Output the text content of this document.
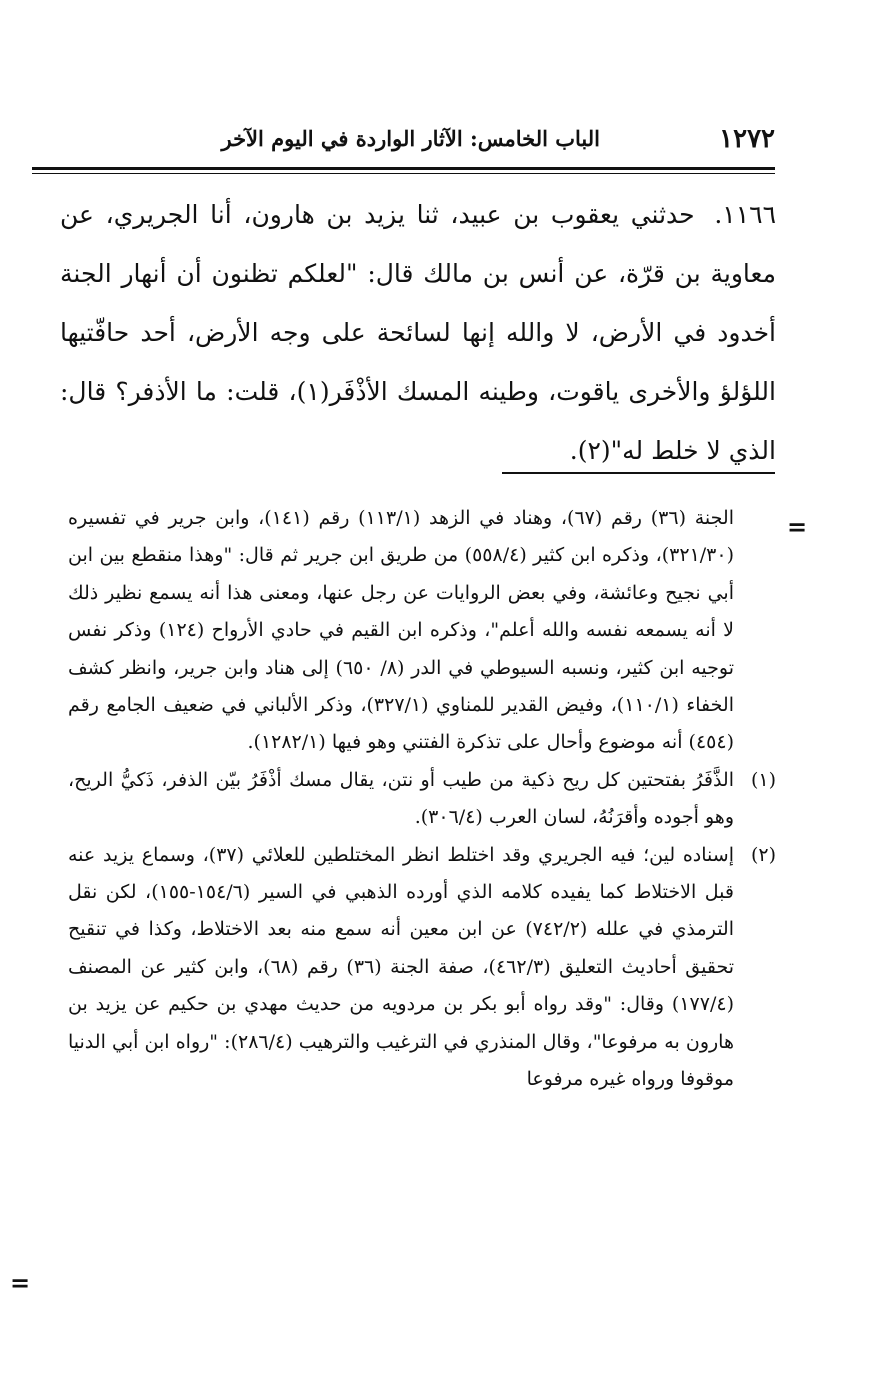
١٢٧٢
الباب الخامس: الآثار الواردة في اليوم الآخر

١١٦٦. حدثني يعقوب بن عبيد، ثنا يزيد بن هارون، أنا الجريري، عن معاوية بن قرّة، عن أنس بن مالك قال: "لعلكم تظنون أن أنهار الجنة أخدود في الأرض، لا والله إنها لسائحة على وجه الأرض، أحد حافّتيها اللؤلؤ والأخرى ياقوت، وطينه المسك الأذْفَر(١)، قلت: ما الأذفر؟ قال: الذي لا خلط له"(٢).

=

الجنة (٣٦) رقم (٦٧)، وهناد في الزهد (١١٣/١) رقم (١٤١)، وابن جرير في تفسيره (٣٢١/٣٠)، وذكره ابن كثير (٥٥٨/٤) من طريق ابن جرير ثم قال: "وهذا منقطع بين ابن أبي نجيح وعائشة، وفي بعض الروايات عن رجل عنها، ومعنى هذا أنه يسمع نظير ذلك لا أنه يسمعه نفسه والله أعلم"، وذكره ابن القيم في حادي الأرواح (١٢٤) وذكر نفس توجيه ابن كثير، ونسبه السيوطي في الدر (٨/ ٦٥٠) إلى هناد وابن جرير، وانظر كشف الخفاء (١١٠/١)، وفيض القدير للمناوي (٣٢٧/١)، وذكر الألباني في ضعيف الجامع رقم (٤٥٤) أنه موضوع وأحال على تذكرة الفتني وهو فيها (١٢٨٢/١).

(١)
الذَّفَرُ بفتحتين كل ريح ذكية من طيب أو نتن، يقال مسك أذْفَرُ بيّن الذفر، ذَكيُّ الريح، وهو أجوده وأقرَنُهُ، لسان العرب (٣٠٦/٤).
(٢)
إسناده لين؛ فيه الجريري وقد اختلط انظر المختلطين للعلائي (٣٧)، وسماع يزيد عنه قبل الاختلاط كما يفيده كلامه الذي أورده الذهبي في السير (١٥٤/٦-١٥٥)، لكن نقل الترمذي في علله (٧٤٢/٢) عن ابن معين أنه سمع منه بعد الاختلاط، وكذا في تنقيح تحقيق أحاديث التعليق (٤٦٢/٣)، صفة الجنة (٣٦) رقم (٦٨)، وابن كثير عن المصنف (١٧٧/٤) وقال: "وقد رواه أبو بكر بن مردويه من حديث مهدي بن حكيم عن يزيد بن هارون به مرفوعا"، وقال المنذري في الترغيب والترهيب (٢٨٦/٤): "رواه ابن أبي الدنيا موقوفا ورواه غيره مرفوعا
=
